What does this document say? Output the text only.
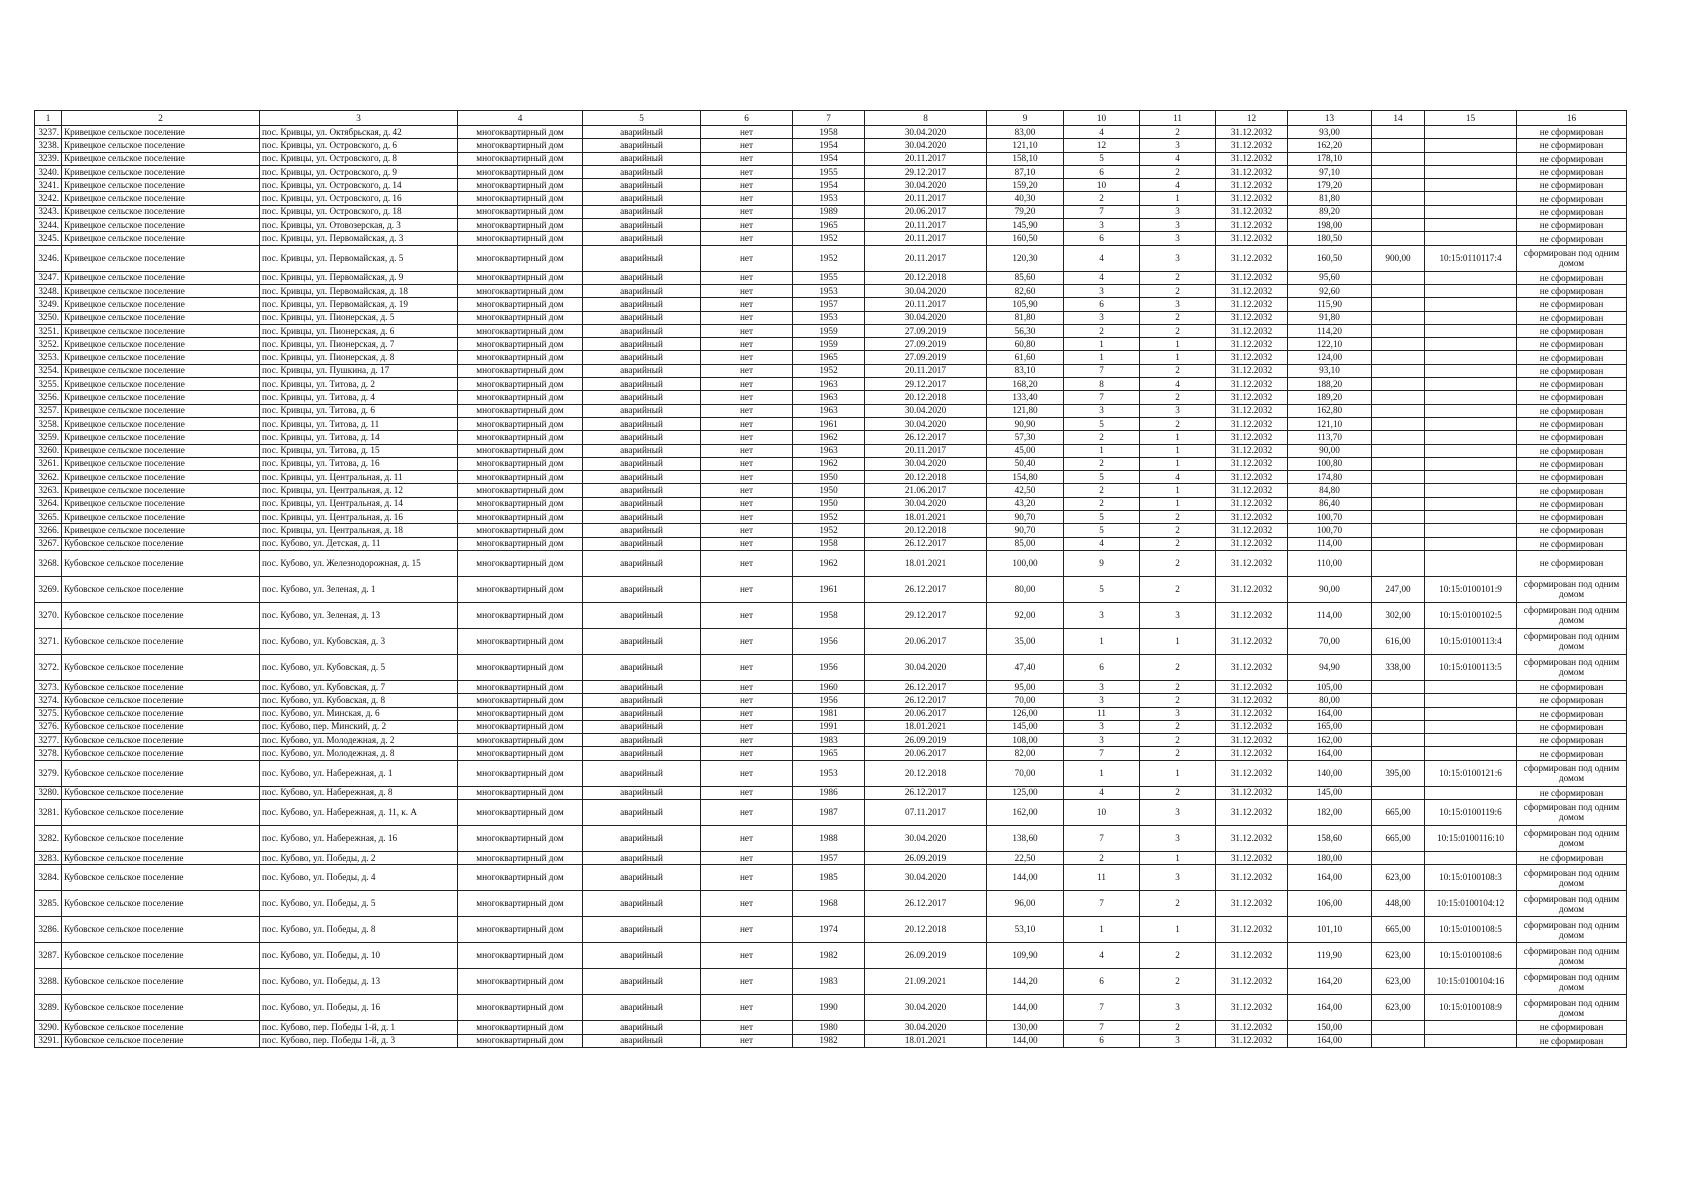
1	2	3	4	5	6	7	8	9	10	11	12	13	14	15	16
3237.	Кривецкое сельское поселение	пос. Кривцы, ул. Октябрьская, д. 42	многоквартирный дом	аварийный	нет	1958	30.04.2020	83,00	4	2	31.12.2032	93,00			не сформирован
3238.	Кривецкое сельское поселение	пос. Кривцы, ул. Островского, д. 6	многоквартирный дом	аварийный	нет	1954	30.04.2020	121,10	12	3	31.12.2032	162,20			не сформирован
3239.	Кривецкое сельское поселение	пос. Кривцы, ул. Островского, д. 8	многоквартирный дом	аварийный	нет	1954	20.11.2017	158,10	5	4	31.12.2032	178,10			не сформирован
3240.	Кривецкое сельское поселение	пос. Кривцы, ул. Островского, д. 9	многоквартирный дом	аварийный	нет	1955	29.12.2017	87,10	6	2	31.12.2032	97,10			не сформирован
3241.	Кривецкое сельское поселение	пос. Кривцы, ул. Островского, д. 14	многоквартирный дом	аварийный	нет	1954	30.04.2020	159,20	10	4	31.12.2032	179,20			не сформирован
3242.	Кривецкое сельское поселение	пос. Кривцы, ул. Островского, д. 16	многоквартирный дом	аварийный	нет	1953	20.11.2017	40,30	2	1	31.12.2032	81,80			не сформирован
3243.	Кривецкое сельское поселение	пос. Кривцы, ул. Островского, д. 18	многоквартирный дом	аварийный	нет	1989	20.06.2017	79,20	7	3	31.12.2032	89,20			не сформирован
3244.	Кривецкое сельское поселение	пос. Кривцы, ул. Отовозерская, д. 3	многоквартирный дом	аварийный	нет	1965	20.11.2017	145,90	3	3	31.12.2032	198,00			не сформирован
3245.	Кривецкое сельское поселение	пос. Кривцы, ул. Первомайская, д. 3	многоквартирный дом	аварийный	нет	1952	20.11.2017	160,50	6	3	31.12.2032	180,50			не сформирован
3246.	Кривецкое сельское поселение	пос. Кривцы, ул. Первомайская, д. 5	многоквартирный дом	аварийный	нет	1952	20.11.2017	120,30	4	3	31.12.2032	160,50	900,00	10:15:0110117:4	сформирован под одним домом
3247.	Кривецкое сельское поселение	пос. Кривцы, ул. Первомайская, д. 9	многоквартирный дом	аварийный	нет	1955	20.12.2018	85,60	4	2	31.12.2032	95,60			не сформирован
3248.	Кривецкое сельское поселение	пос. Кривцы, ул. Первомайская, д. 18	многоквартирный дом	аварийный	нет	1953	30.04.2020	82,60	3	2	31.12.2032	92,60			не сформирован
3249.	Кривецкое сельское поселение	пос. Кривцы, ул. Первомайская, д. 19	многоквартирный дом	аварийный	нет	1957	20.11.2017	105,90	6	3	31.12.2032	115,90			не сформирован
3250.	Кривецкое сельское поселение	пос. Кривцы, ул. Пионерская, д. 5	многоквартирный дом	аварийный	нет	1953	30.04.2020	81,80	3	2	31.12.2032	91,80			не сформирован
3251.	Кривецкое сельское поселение	пос. Кривцы, ул. Пионерская, д. 6	многоквартирный дом	аварийный	нет	1959	27.09.2019	56,30	2	2	31.12.2032	114,20			не сформирован
3252.	Кривецкое сельское поселение	пос. Кривцы, ул. Пионерская, д. 7	многоквартирный дом	аварийный	нет	1959	27.09.2019	60,80	1	1	31.12.2032	122,10			не сформирован
3253.	Кривецкое сельское поселение	пос. Кривцы, ул. Пионерская, д. 8	многоквартирный дом	аварийный	нет	1965	27.09.2019	61,60	1	1	31.12.2032	124,00			не сформирован
3254.	Кривецкое сельское поселение	пос. Кривцы, ул. Пушкина, д. 17	многоквартирный дом	аварийный	нет	1952	20.11.2017	83,10	7	2	31.12.2032	93,10			не сформирован
3255.	Кривецкое сельское поселение	пос. Кривцы, ул. Титова, д. 2	многоквартирный дом	аварийный	нет	1963	29.12.2017	168,20	8	4	31.12.2032	188,20			не сформирован
3256.	Кривецкое сельское поселение	пос. Кривцы, ул. Титова, д. 4	многоквартирный дом	аварийный	нет	1963	20.12.2018	133,40	7	2	31.12.2032	189,20			не сформирован
3257.	Кривецкое сельское поселение	пос. Кривцы, ул. Титова, д. 6	многоквартирный дом	аварийный	нет	1963	30.04.2020	121,80	3	3	31.12.2032	162,80			не сформирован
3258.	Кривецкое сельское поселение	пос. Кривцы, ул. Титова, д. 11	многоквартирный дом	аварийный	нет	1961	30.04.2020	90,90	5	2	31.12.2032	121,10			не сформирован
3259.	Кривецкое сельское поселение	пос. Кривцы, ул. Титова, д. 14	многоквартирный дом	аварийный	нет	1962	26.12.2017	57,30	2	1	31.12.2032	113,70			не сформирован
3260.	Кривецкое сельское поселение	пос. Кривцы, ул. Титова, д. 15	многоквартирный дом	аварийный	нет	1963	20.11.2017	45,00	1	1	31.12.2032	90,00			не сформирован
3261.	Кривецкое сельское поселение	пос. Кривцы, ул. Титова, д. 16	многоквартирный дом	аварийный	нет	1962	30.04.2020	50,40	2	1	31.12.2032	100,80			не сформирован
3262.	Кривецкое сельское поселение	пос. Кривцы, ул. Центральная, д. 11	многоквартирный дом	аварийный	нет	1950	20.12.2018	154,80	5	4	31.12.2032	174,80			не сформирован
3263.	Кривецкое сельское поселение	пос. Кривцы, ул. Центральная, д. 12	многоквартирный дом	аварийный	нет	1950	21.06.2017	42,50	2	1	31.12.2032	84,80			не сформирован
3264.	Кривецкое сельское поселение	пос. Кривцы, ул. Центральная, д. 14	многоквартирный дом	аварийный	нет	1950	30.04.2020	43,20	2	1	31.12.2032	86,40			не сформирован
3265.	Кривецкое сельское поселение	пос. Кривцы, ул. Центральная, д. 16	многоквартирный дом	аварийный	нет	1952	18.01.2021	90,70	5	2	31.12.2032	100,70			не сформирован
3266.	Кривецкое сельское поселение	пос. Кривцы, ул. Центральная, д. 18	многоквартирный дом	аварийный	нет	1952	20.12.2018	90,70	5	2	31.12.2032	100,70			не сформирован
3267.	Кубовское сельское поселение	пос. Кубово, ул. Детская, д. 11	многоквартирный дом	аварийный	нет	1958	26.12.2017	85,00	4	2	31.12.2032	114,00			не сформирован
3268.	Кубовское сельское поселение	пос. Кубово, ул. Железнодорожная, д. 15	многоквартирный дом	аварийный	нет	1962	18.01.2021	100,00	9	2	31.12.2032	110,00			не сформирован
3269.	Кубовское сельское поселение	пос. Кубово, ул. Зеленая, д. 1	многоквартирный дом	аварийный	нет	1961	26.12.2017	80,00	5	2	31.12.2032	90,00	247,00	10:15:0100101:9	сформирован под одним домом
3270.	Кубовское сельское поселение	пос. Кубово, ул. Зеленая, д. 13	многоквартирный дом	аварийный	нет	1958	29.12.2017	92,00	3	3	31.12.2032	114,00	302,00	10:15:0100102:5	сформирован под одним домом
3271.	Кубовское сельское поселение	пос. Кубово, ул. Кубовская, д. 3	многоквартирный дом	аварийный	нет	1956	20.06.2017	35,00	1	1	31.12.2032	70,00	616,00	10:15:0100113:4	сформирован под одним домом
3272.	Кубовское сельское поселение	пос. Кубово, ул. Кубовская, д. 5	многоквартирный дом	аварийный	нет	1956	30.04.2020	47,40	6	2	31.12.2032	94,90	338,00	10:15:0100113:5	сформирован под одним домом
3273.	Кубовское сельское поселение	пос. Кубово, ул. Кубовская, д. 7	многоквартирный дом	аварийный	нет	1960	26.12.2017	95,00	3	2	31.12.2032	105,00			не сформирован
3274.	Кубовское сельское поселение	пос. Кубово, ул. Кубовская, д. 8	многоквартирный дом	аварийный	нет	1956	26.12.2017	70,00	3	2	31.12.2032	80,00			не сформирован
3275.	Кубовское сельское поселение	пос. Кубово, ул. Минская, д. 6	многоквартирный дом	аварийный	нет	1981	20.06.2017	126,00	11	3	31.12.2032	164,00			не сформирован
3276.	Кубовское сельское поселение	пос. Кубово, пер. Минский, д. 2	многоквартирный дом	аварийный	нет	1991	18.01.2021	145,00	3	2	31.12.2032	165,00			не сформирован
3277.	Кубовское сельское поселение	пос. Кубово, ул. Молодежная, д. 2	многоквартирный дом	аварийный	нет	1983	26.09.2019	108,00	3	2	31.12.2032	162,00			не сформирован
3278.	Кубовское сельское поселение	пос. Кубово, ул. Молодежная, д. 8	многоквартирный дом	аварийный	нет	1965	20.06.2017	82,00	7	2	31.12.2032	164,00			не сформирован
3279.	Кубовское сельское поселение	пос. Кубово, ул. Набережная, д. 1	многоквартирный дом	аварийный	нет	1953	20.12.2018	70,00	1	1	31.12.2032	140,00	395,00	10:15:0100121:6	сформирован под одним домом
3280.	Кубовское сельское поселение	пос. Кубово, ул. Набережная, д. 8	многоквартирный дом	аварийный	нет	1986	26.12.2017	125,00	4	2	31.12.2032	145,00			не сформирован
3281.	Кубовское сельское поселение	пос. Кубово, ул. Набережная, д. 11, к. А	многоквартирный дом	аварийный	нет	1987	07.11.2017	162,00	10	3	31.12.2032	182,00	665,00	10:15:0100119:6	сформирован под одним домом
3282.	Кубовское сельское поселение	пос. Кубово, ул. Набережная, д. 16	многоквартирный дом	аварийный	нет	1988	30.04.2020	138,60	7	3	31.12.2032	158,60	665,00	10:15:0100116:10	сформирован под одним домом
3283.	Кубовское сельское поселение	пос. Кубово, ул. Победы, д. 2	многоквартирный дом	аварийный	нет	1957	26.09.2019	22,50	2	1	31.12.2032	180,00			не сформирован
3284.	Кубовское сельское поселение	пос. Кубово, ул. Победы, д. 4	многоквартирный дом	аварийный	нет	1985	30.04.2020	144,00	11	3	31.12.2032	164,00	623,00	10:15:0100108:3	сформирован под одним домом
3285.	Кубовское сельское поселение	пос. Кубово, ул. Победы, д. 5	многоквартирный дом	аварийный	нет	1968	26.12.2017	96,00	7	2	31.12.2032	106,00	448,00	10:15:0100104:12	сформирован под одним домом
3286.	Кубовское сельское поселение	пос. Кубово, ул. Победы, д. 8	многоквартирный дом	аварийный	нет	1974	20.12.2018	53,10	1	1	31.12.2032	101,10	665,00	10:15:0100108:5	сформирован под одним домом
3287.	Кубовское сельское поселение	пос. Кубово, ул. Победы, д. 10	многоквартирный дом	аварийный	нет	1982	26.09.2019	109,90	4	2	31.12.2032	119,90	623,00	10:15:0100108:6	сформирован под одним домом
3288.	Кубовское сельское поселение	пос. Кубово, ул. Победы, д. 13	многоквартирный дом	аварийный	нет	1983	21.09.2021	144,20	6	2	31.12.2032	164,20	623,00	10:15:0100104:16	сформирован под одним домом
3289.	Кубовское сельское поселение	пос. Кубово, ул. Победы, д. 16	многоквартирный дом	аварийный	нет	1990	30.04.2020	144,00	7	3	31.12.2032	164,00	623,00	10:15:0100108:9	сформирован под одним домом
3290.	Кубовское сельское поселение	пос. Кубово, пер. Победы 1-й, д. 1	многоквартирный дом	аварийный	нет	1980	30.04.2020	130,00	7	2	31.12.2032	150,00			не сформирован
3291.	Кубовское сельское поселение	пос. Кубово, пер. Победы 1-й, д. 3	многоквартирный дом	аварийный	нет	1982	18.01.2021	144,00	6	3	31.12.2032	164,00			не сформирован
